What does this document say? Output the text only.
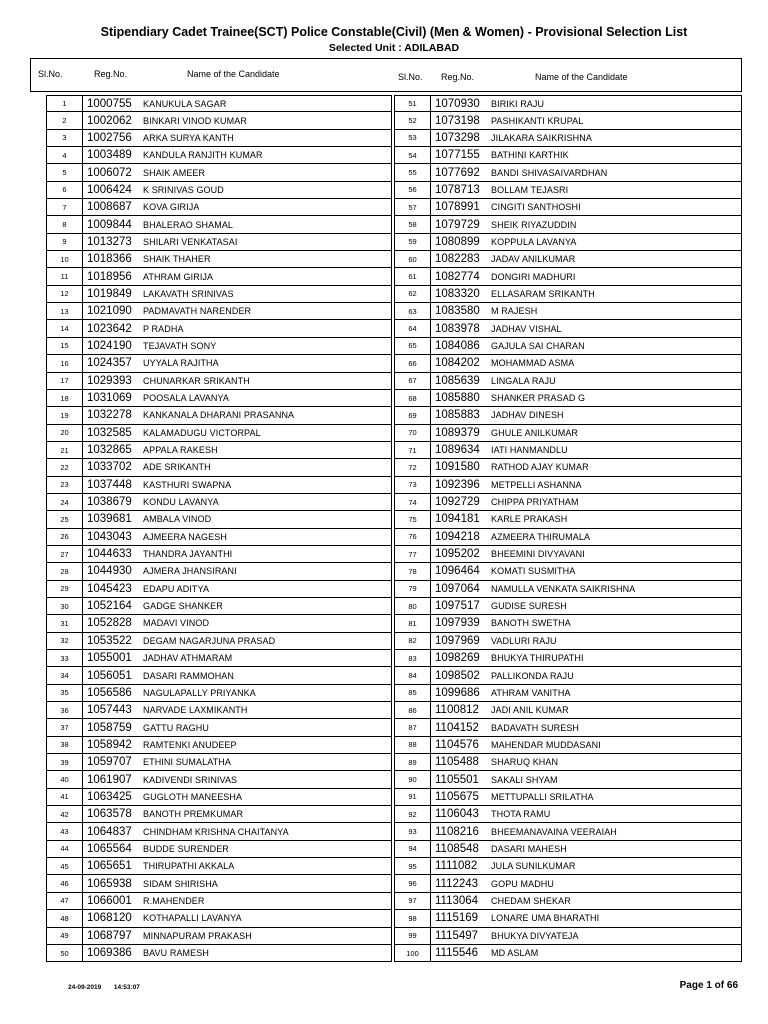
Stipendiary Cadet Trainee(SCT) Police Constable(Civil) (Men & Women) - Provisional Selection List
Selected Unit : ADILABAD
Sl.No.	Reg.No.	Name of the Candidate	Sl.No. Reg.No.	Name of the Candidate
1	1000755	KANUKULA SAGAR
2	1002062	BINKARI VINOD KUMAR
3	1002756	ARKA SURYA KANTH
4	1003489	KANDULA RANJITH KUMAR
5	1006072	SHAIK AMEER
6	1006424	K SRINIVAS GOUD
7	1008687	KOVA GIRIJA
8	1009844	BHALERAO SHAMAL
9	1013273	SHILARI VENKATASAI
10	1018366	SHAIK THAHER
11	1018956	ATHRAM GIRIJA
12	1019849	LAKAVATH SRINIVAS
13	1021090	PADMAVATH NARENDER
14	1023642	P RADHA
15	1024190	TEJAVATH SONY
16	1024357	UYYALA RAJITHA
17	1029393	CHUNARKAR SRIKANTH
18	1031069	POOSALA LAVANYA
19	1032278	KANKANALA DHARANI PRASANNA
20	1032585	KALAMADUGU VICTORPAL
21	1032865	APPALA RAKESH
22	1033702	ADE SRIKANTH
23	1037448	KASTHURI SWAPNA
24	1038679	KONDU LAVANYA
25	1039681	AMBALA VINOD
26	1043043	AJMEERA NAGESH
27	1044633	THANDRA JAYANTHI
28	1044930	AJMERA JHANSIRANI
29	1045423	EDAPU ADITYA
30	1052164	GADGE SHANKER
31	1052828	MADAVI VINOD
32	1053522	DEGAM NAGARJUNA PRASAD
33	1055001	JADHAV ATHMARAM
34	1056051	DASARI RAMMOHAN
35	1056586	NAGULAPALLY PRIYANKA
36	1057443	NARVADE LAXMIKANTH
37	1058759	GATTU RAGHU
38	1058942	RAMTENKI ANUDEEP
39	1059707	ETHINI SUMALATHA
40	1061907	KADIVENDI SRINIVAS
41	1063425	GUGLOTH MANEESHA
42	1063578	BANOTH PREMKUMAR
43	1064837	CHINDHAM KRISHNA CHAITANYA
44	1065564	BUDDE SURENDER
45	1065651	THIRUPATHI AKKALA
46	1065938	SIDAM SHIRISHA
47	1066001	R.MAHENDER
48	1068120	KOTHAPALLI LAVANYA
49	1068797	MINNAPURAM PRAKASH
50	1069386	BAVU RAMESH
51	1070930	BIRIKI RAJU
52	1073198	PASHIKANTI KRUPAL
53	1073298	JILAKARA SAIKRISHNA
54	1077155	BATHINI KARTHIK
55	1077692	BANDI SHIVASAIVARDHAN
56	1078713	BOLLAM TEJASRI
57	1078991	CINGITI SANTHOSHI
58	1079729	SHEIK RIYAZUDDIN
59	1080899	KOPPULA LAVANYA
60	1082283	JADAV ANILKUMAR
61	1082774	DONGIRI MADHURI
62	1083320	ELLASARAM SRIKANTH
63	1083580	M RAJESH
64	1083978	JADHAV VISHAL
65	1084086	GAJULA SAI CHARAN
66	1084202	MOHAMMAD ASMA
67	1085639	LINGALA RAJU
68	1085880	SHANKER PRASAD G
69	1085883	JADHAV DINESH
70	1089379	GHULE ANILKUMAR
71	1089634	IATI HANMANDLU
72	1091580	RATHOD AJAY KUMAR
73	1092396	METPELLI ASHANNA
74	1092729	CHIPPA PRIYATHAM
75	1094181	KARLE PRAKASH
76	1094218	AZMEERA THIRUMALA
77	1095202	BHEEMINI DIVYAVANI
78	1096464	KOMATI SUSMITHA
79	1097064	NAMULLA VENKATA SAIKRISHNA
80	1097517	GUDISE SURESH
81	1097939	BANOTH SWETHA
82	1097969	VADLURI RAJU
83	1098269	BHUKYA THIRUPATHI
84	1098502	PALLIKONDA RAJU
85	1099686	ATHRAM VANITHA
86	1100812	JADI ANIL KUMAR
87	1104152	BADAVATH SURESH
88	1104576	MAHENDAR MUDDASANI
89	1105488	SHARUQ KHAN
90	1105501	SAKALI SHYAM
91	1105675	METTUPALLI SRILATHA
92	1106043	THOTA RAMU
93	1108216	BHEEMANAVAINA VEERAIAH
94	1108548	DASARI MAHESH
95	1111082	JULA SUNILKUMAR
96	1112243	GOPU MADHU
97	1113064	CHEDAM SHEKAR
98	1115169	LONARE UMA BHARATHI
99	1115497	BHUKYA DIVYATEJA
100	1115546	MD ASLAM
24-09-2019 14:53:07	Page 1 of 66
